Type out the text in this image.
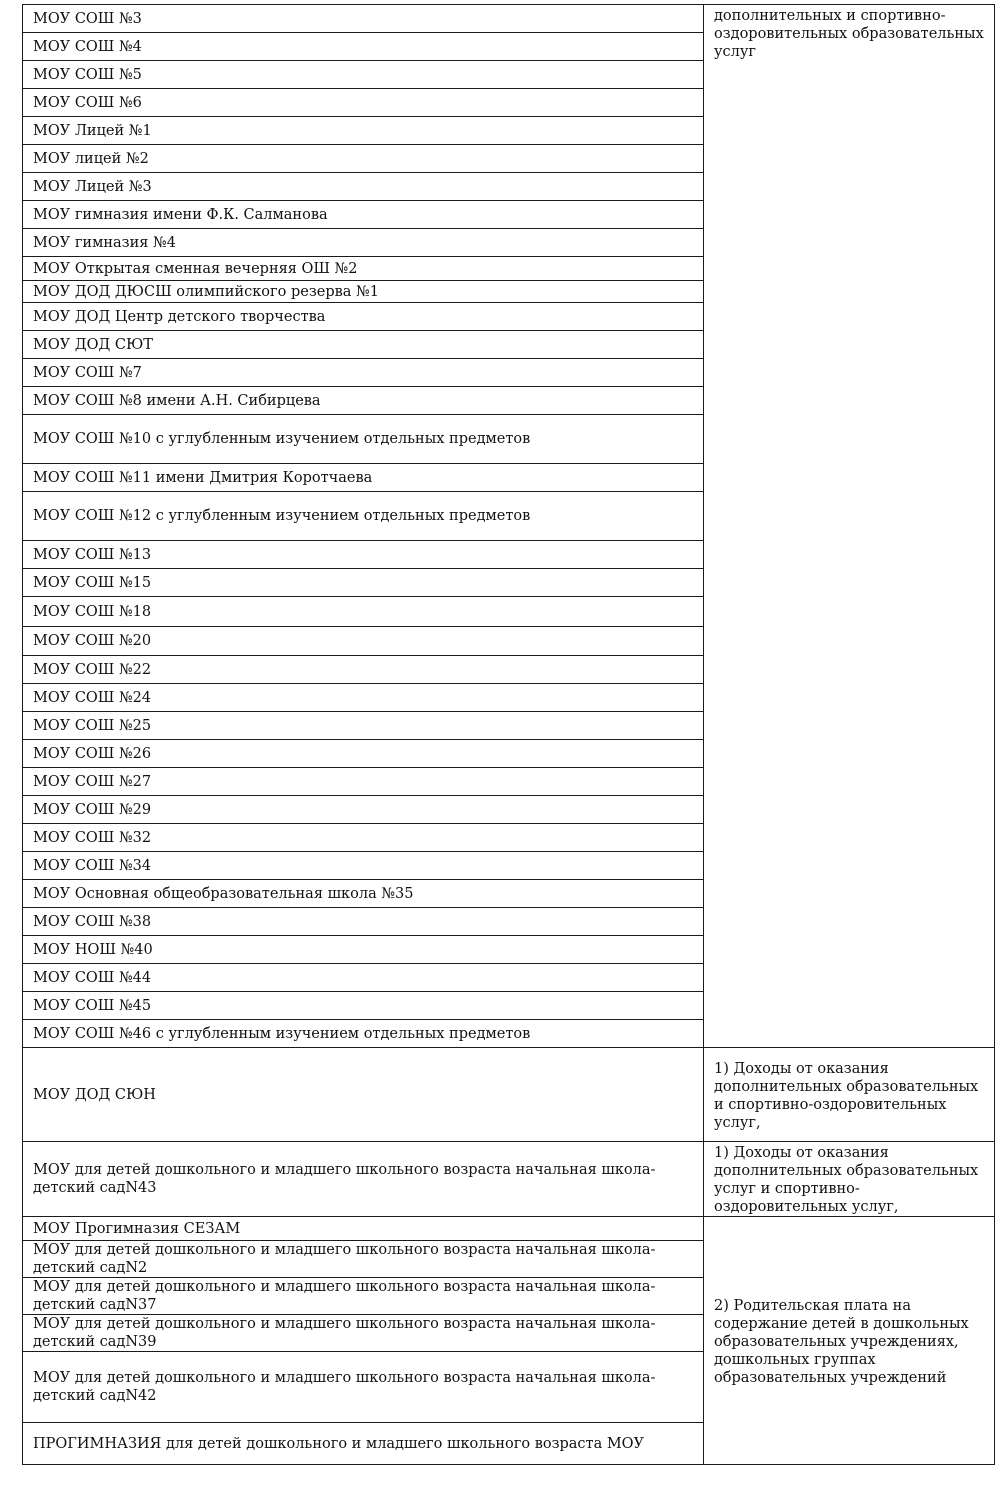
МОУ СОШ №3	дополнительных и спортивно-
оздоровительных образовательных
услуг

МОУ СОШ №4	
МОУ СОШ №5	
МОУ СОШ №6	
МОУ Лицей №1	
МОУ лицей №2	
МОУ Лицей №3	
МОУ гимназия имени Ф.К. Салманова	
МОУ гимназия №4	
МОУ Открытая сменная вечерняя ОШ №2	
МОУ ДОД ДЮСШ олимпийского резерва №1	
МОУ ДОД Центр детского творчества	
МОУ ДОД СЮТ	
МОУ СОШ №7	
МОУ СОШ №8 имени А.Н. Сибирцева	
МОУ СОШ №10 с углубленным изучением отдельных предметов	
МОУ СОШ №11 имени Дмитрия Коротчаева	
МОУ СОШ №12 с углубленным изучением отдельных предметов	
МОУ СОШ №13	
МОУ СОШ №15	
МОУ СОШ №18	
МОУ СОШ №20	
МОУ СОШ №22	
МОУ СОШ №24	
МОУ СОШ №25	
МОУ СОШ №26	
МОУ СОШ №27	
МОУ СОШ №29	
МОУ СОШ №32	
МОУ СОШ №34	
МОУ Основная общеобразовательная школа №35	
МОУ СОШ №38	
МОУ НОШ №40	
МОУ СОШ №44	
МОУ СОШ №45	
МОУ СОШ №46 с углубленным изучением отдельных предметов	
МОУ ДОД СЮН	1) Доходы от оказания
дополнительных образовательных
и спортивно-оздоровительных
услуг,

МОУ для детей дошкольного и младшего школьного возраста начальная школа-
детский садN43	1) Доходы от оказания
дополнительных образовательных
услуг и спортивно-
оздоровительных услуг,

МОУ Прогимназия СЕЗАМ	2) Родительская плата на
содержание детей в дошкольных
образовательных учреждениях,
дошкольных группах
образовательных учреждений

МОУ для детей дошкольного и младшего школьного возраста начальная школа-
детский садN2	

МОУ для детей дошкольного и младшего школьного возраста начальная школа-
детский садN37	

МОУ для детей дошкольного и младшего школьного возраста начальная школа-
детский садN39	

МОУ для детей дошкольного и младшего школьного возраста начальная школа-
детский садN42	

ПРОГИМНАЗИЯ для детей дошкольного и младшего школьного возраста МОУ	
